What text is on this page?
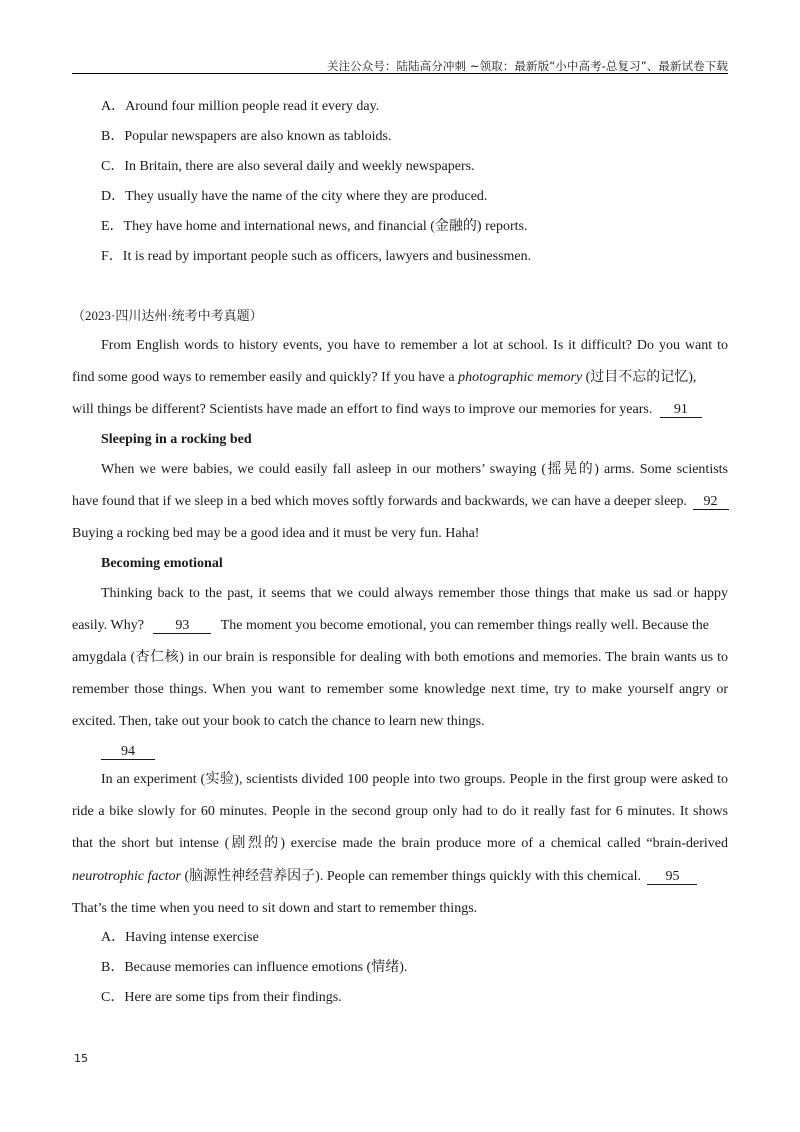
关注公众号：陆陆高分冲刺 ~领取：最新版“小中高考-总复习”、最新试卷下载
A．Around four million people read it every day.
B．Popular newspapers are also known as tabloids.
C．In Britain, there are also several daily and weekly newspapers.
D．They usually have the name of the city where they are produced.
E．They have home and international news, and financial (金融的) reports.
F．It is read by important people such as officers, lawyers and businessmen.
（2023·四川达州·统考中考真题）
From English words to history events, you have to remember a lot at school. Is it difficult? Do you want to
find some good ways to remember easily and quickly? If you have a photographic memory (过目不忘的记忆),
will things be different? Scientists have made an effort to find ways to improve our memories for years. 91
Sleeping in a rocking bed
When we were babies, we could easily fall asleep in our mothers’ swaying (摇晃的) arms. Some scientists
have found that if we sleep in a bed which moves softly forwards and backwards, we can have a deeper sleep. 92
Buying a rocking bed may be a good idea and it must be very fun. Haha!
Becoming emotional
Thinking back to the past, it seems that we could always remember those things that make us sad or happy
easily. Why? 93 The moment you become emotional, you can remember things really well. Because the
amygdala (杏仁核) in our brain is responsible for dealing with both emotions and memories. The brain wants us to
remember those things. When you want to remember some knowledge next time, try to make yourself angry or
excited. Then, take out your book to catch the chance to learn new things.
94
In an experiment (实验), scientists divided 100 people into two groups. People in the first group were asked to
ride a bike slowly for 60 minutes. People in the second group only had to do it really fast for 6 minutes. It shows
that the short but intense (剧烈的) exercise made the brain produce more of a chemical called “brain-derived
neurotrophic factor (脑源性神经营养因子). People can remember things quickly with this chemical. 95
That’s the time when you need to sit down and start to remember things.
A．Having intense exercise
B．Because memories can influence emotions (情绪).
C．Here are some tips from their findings.
15
